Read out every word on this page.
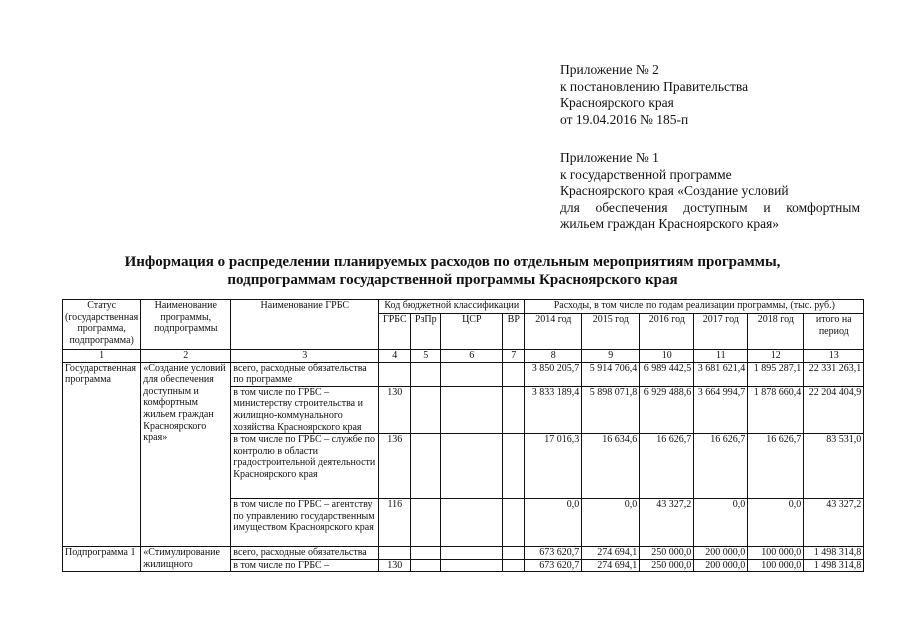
Приложение № 2
к постановлению Правительства
Красноярского края
от 19.04.2016 № 185-п
Приложение № 1
к государственной программе
Красноярского края «Создание условий
для обеспечения доступным и комфортным
жильем граждан Красноярского края»
Информация о распределении планируемых расходов по отдельным мероприятиям программы,
подпрограммам государственной программы Красноярского края
Статус (государственная программа, подпрограмма)	Наименование программы, подпрограммы	Наименование ГРБС	Код бюджетной классификации				Расходы, в том числе по годам реализации программы, (тыс. руб.)					
			ГРБС	РзПр	ЦСР	ВР	2014 год	2015 год	2016 год	2017 год	2018 год	итого на период
1	2	3	4	5	6	7	8	9	10	11	12	13
Государственная программа	«Создание условий для обеспечения доступным и комфортным жильем граждан Красноярского края»	всего, расходные обязательства по программе					3 850 205,7	5 914 706,4	6 989 442,5	3 681 621,4	1 895 287,1	22 331 263,1
		в том числе по ГРБС – министерству строительства и жилищно-коммунального хозяйства Красноярского края	130				3 833 189,4	5 898 071,8	6 929 488,6	3 664 994,7	1 878 660,4	22 204 404,9
		в том числе по ГРБС – службе по контролю в области градостроительной деятельности Красноярского края	136				17 016,3	16 634,6	16 626,7	16 626,7	16 626,7	83 531,0
		в том числе по ГРБС – агентству по управлению государственным имуществом Красноярского края	116				0,0	0,0	43 327,2	0,0	0,0	43 327,2
Подпрограмма 1	«Стимулирование жилищного	всего, расходные обязательства					673 620,7	274 694,1	250 000,0	200 000,0	100 000,0	1 498 314,8
		в том числе по ГРБС –	130				673 620,7	274 694,1	250 000,0	200 000,0	100 000,0	1 498 314,8
